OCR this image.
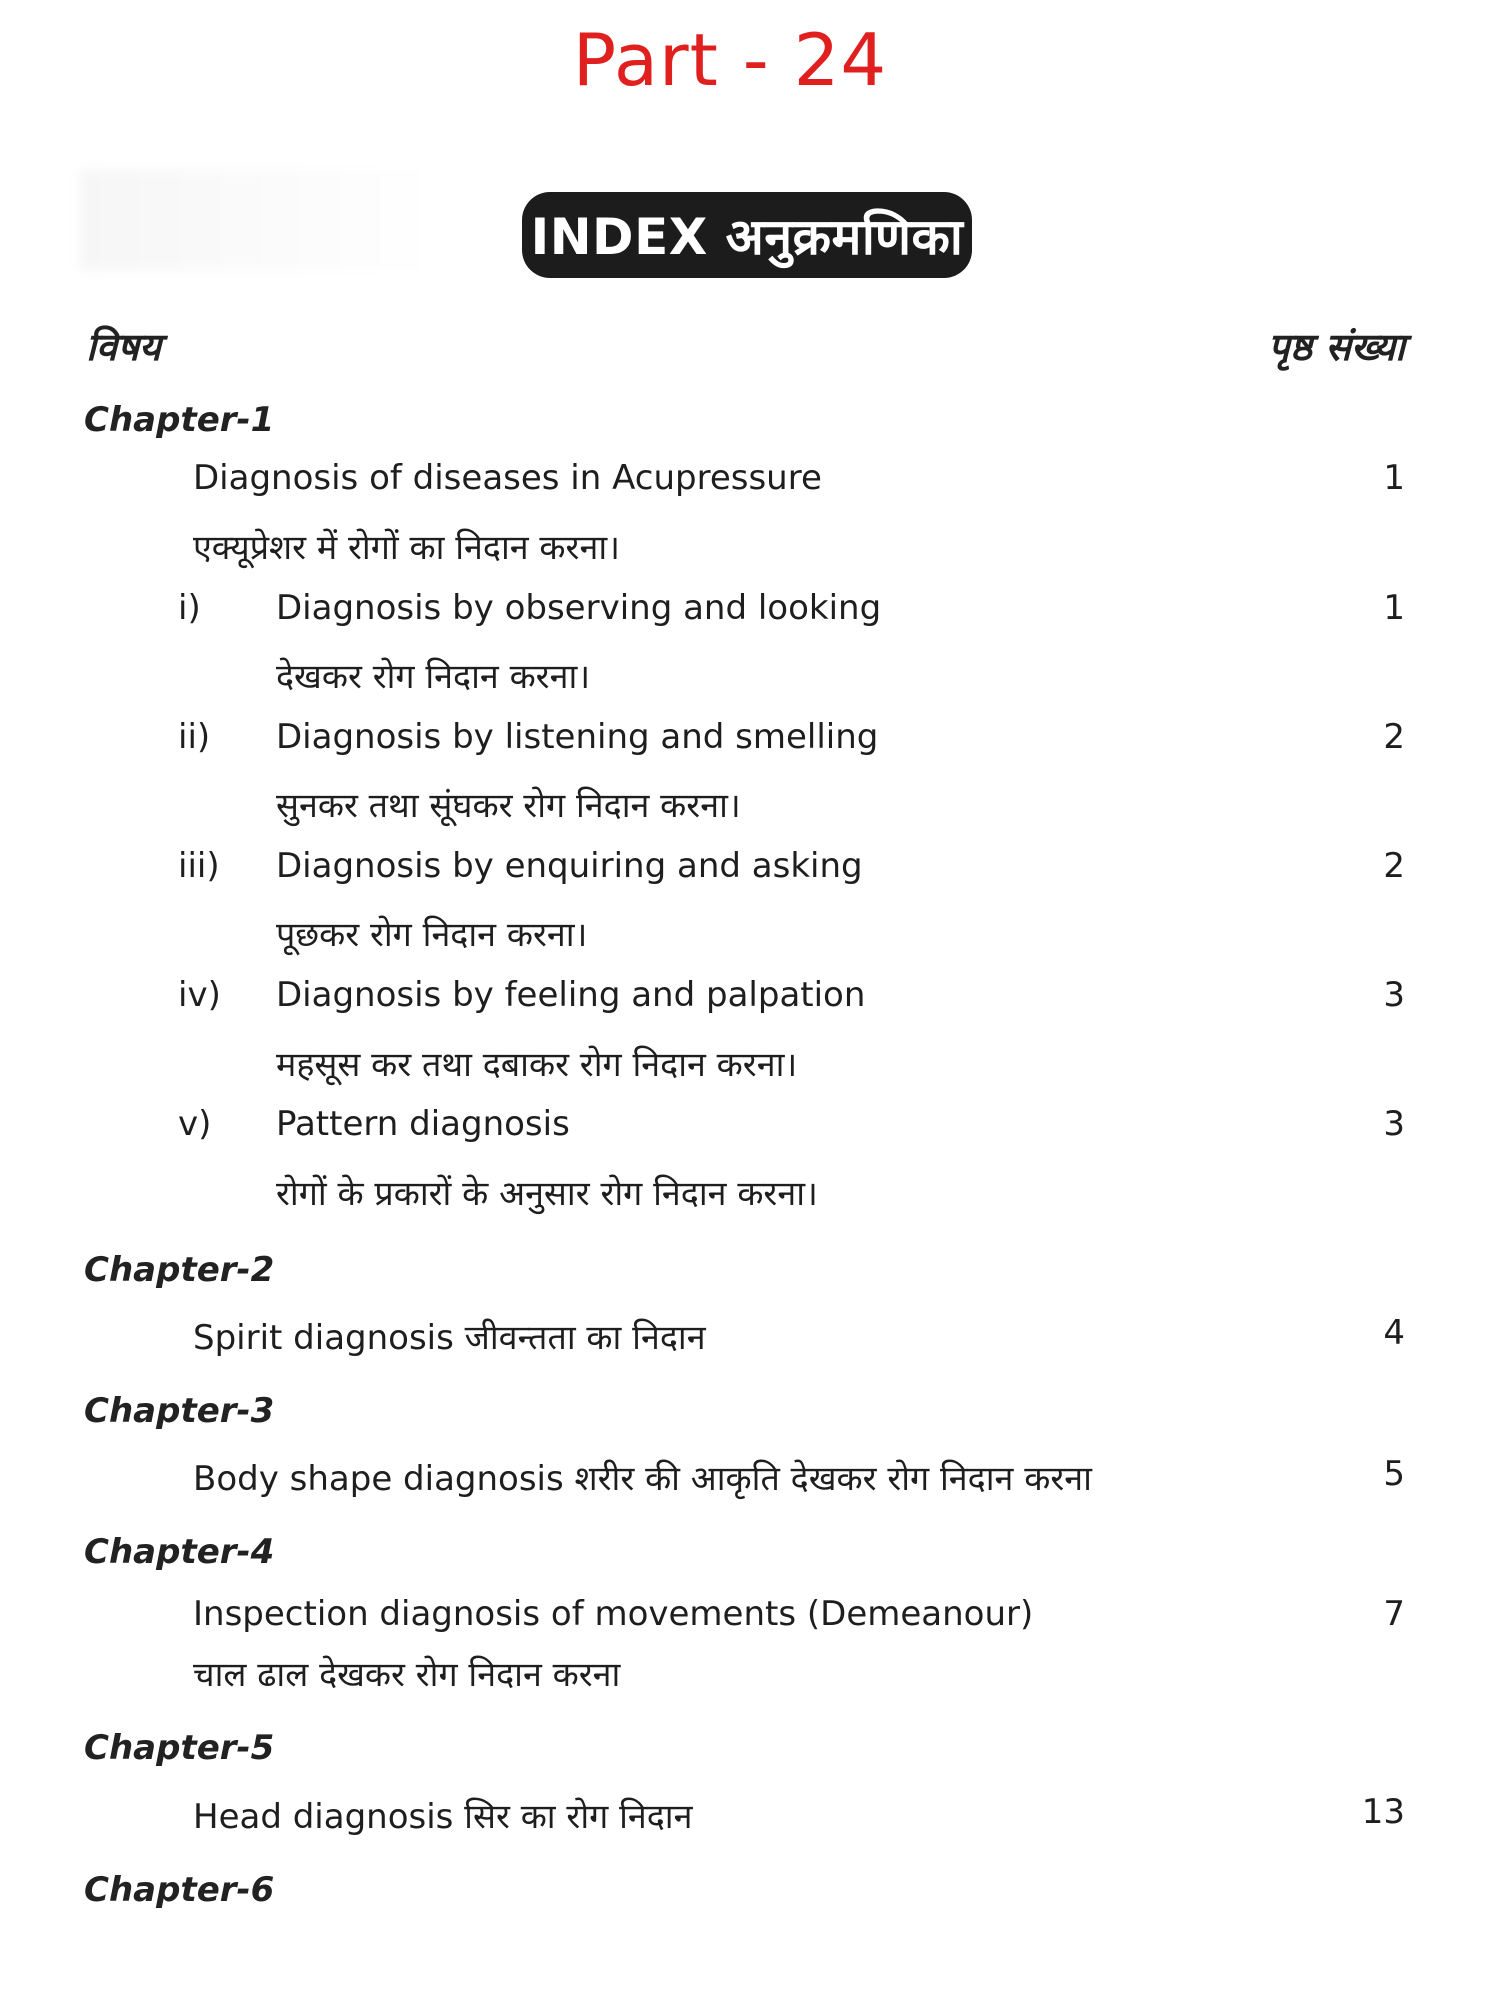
Part - 24
INDEX अनुक्रमणिका
विषय	पृष्ठ संख्या
Chapter-1
Diagnosis of diseases in Acupressure	1
एक्यूप्रेशर में रोगों का निदान करना।
i) Diagnosis by observing and looking	1
देखकर रोग निदान करना।
ii) Diagnosis by listening and smelling	2
सुनकर तथा सूंघकर रोग निदान करना।
iii) Diagnosis by enquiring and asking	2
पूछकर रोग निदान करना।
iv) Diagnosis by feeling and palpation	3
महसूस कर तथा दबाकर रोग निदान करना।
v) Pattern diagnosis	3
रोगों के प्रकारों के अनुसार रोग निदान करना।
Chapter-2
Spirit diagnosis जीवन्तता का निदान	4
Chapter-3
Body shape diagnosis शरीर की आकृति देखकर रोग निदान करना	5
Chapter-4
Inspection diagnosis of movements (Demeanour)	7
चाल ढाल देखकर रोग निदान करना
Chapter-5
Head diagnosis सिर का रोग निदान	13
Chapter-6
